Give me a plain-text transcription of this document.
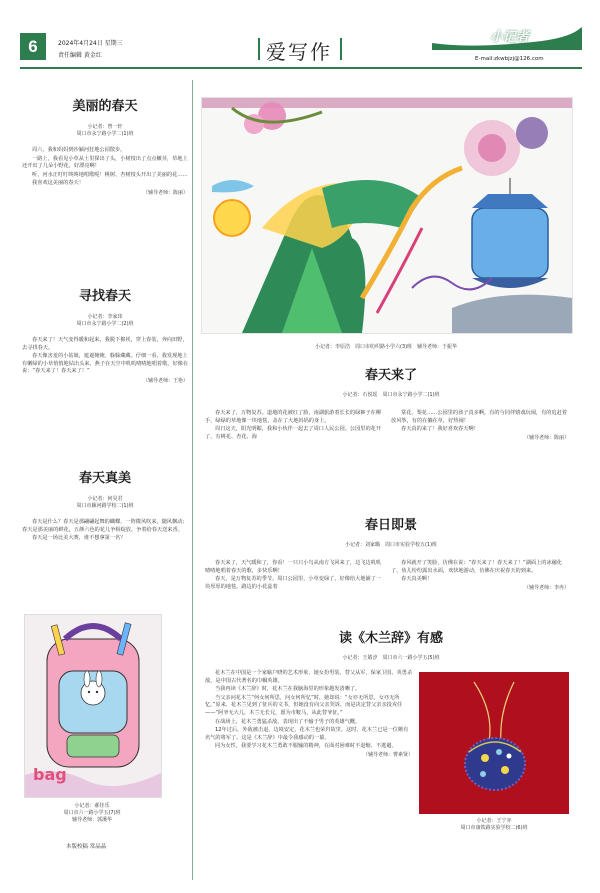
6	2024年4月24日 星期三
责任编辑 黄金红	爱写作
小记者
E-mail:zkwbjzj@126.com
美丽的春天
小记者：曾一轩
周口市永宁路小学二(1)班

周六，我和妈妈到沙颍河狂地公园散步。

一路上，我看见小草从土里探出了头，小树枝出了点点嫩芽，草地上还开出了几朵小野花，好漂亮啊！

听，河水正叮叮咚咚地唱歌呢！桃树、杏树枝头开出了美丽的花……

我喜欢这美丽的春天！

（辅导老师：陈丽）
寻找春天
小记者：李家玮
周口市永宁路小学二(2)班

春天来了！天气变得暖和起来，我脱下棉袄，穿上春装，奔向田野，去寻找春天。

春天像害羞的小姑娘，遮遮掩掩、躲躲藏藏。仔细一看，我发现地上有嫩绿的小草悄悄地钻出头来，燕子在天空中叽叽喳喳地唱着歌，好像在说：“春天来了！春天来了！”

（辅导老师：王艳）
春天真美
小记者：何昊君
周口市颍河路学校二(1)班

春天是什么？春天是那翩翩起舞的蝴蝶，一阵微风吹来，随风飘动；春天是那美丽的鲜花，五颜六色的花儿争相绽放，争着给春天送来香。

春天是一场比美大赛，谁不想拿第一名？

bag
小记者：郝佳乐
周口市六一路小学五(7)班
辅导老师：郭溪华
本版校稿 常晶晶
小记者：李原浩　周口市纺织路小学六(3)班　辅导老师：于振华
春天来了
小记者：石悦瑶　周口市永宁路小学二(1)班

春天来了，万物复苏。道地的花被红了脸，南湖旅游着长长的绿裤子在柳手，绿绿的草地像一块地毯，盖在了大地妈妈的身上。

周日这天，阳光明媚，我和小伙伴一起去了周口人民公园。公园里的花开了，有桃花、杏花、海

棠花、梨花……公园里的孩子真多啊，有的与同伴嬉戏玩闹，有的追赶着放风筝，有的在躺在草，好热闹！

春天真的来了！我好喜欢春天啊！

（辅导老师：陈丽）
春日即景
小记者：刘家璐　周口市实验学校五(1)班

春天来了，天气暖和了，你看！一只只小鸟从南方飞回来了，边飞边叽叽喳喳地唱着春天的歌，多快乐啊！

春天，是万物复苏的季节。周口公园里，小草变绿了，好像给大地铺了一块厚厚的地毯。路边的小花蕊着

春风就开了笑脸，仿佛在说：“春天来了！春天来了！”湖面上的冰融化了，鱼儿纷纷露出水面，欢快地游动，仿佛在庆祝春天的到来。

春天真美啊！

（辅导老师：李冉）
读《木兰辞》有感
小记者：王婧汐　周口市六一路小学五(5)班

花木兰在中国是一个家喻户晓的艺术形象，她女扮男装、替父从军，保家卫国、英勇杀敌，是中国古代著名的巾帼英雄。

当我再读《木兰辞》时，花木兰在我脑海里的形象越发清晰了。

当父亲问花木兰“何女何所思，问女何所忆”时，她却说：“女亦无所思，女亦无所忆。”原来，花木兰见到了征兵的文书，但她没有向父亲哭诉，而是决定替父亲亲投戎任——“阿爷无大儿，木兰无长兄，愿为市鞍马，从此替爷征。”

在战场上，花木兰勇猛杀敌，表现出了不输于男子的英雄气概。

12年过后，外敌被击退，边境安定，花木兰也荣归故里。这时，花木兰已是一位颇有名气的将军了。这是《木兰辞》中最令我感动的一幕。

同为女性，我要学习花木兰勇敢不服输的精神，在面对困难时不退缩、不逃避。

（辅导老师：曹素贤）
小记者：王宁亦
周口市康铁路实验学校二(6)班
